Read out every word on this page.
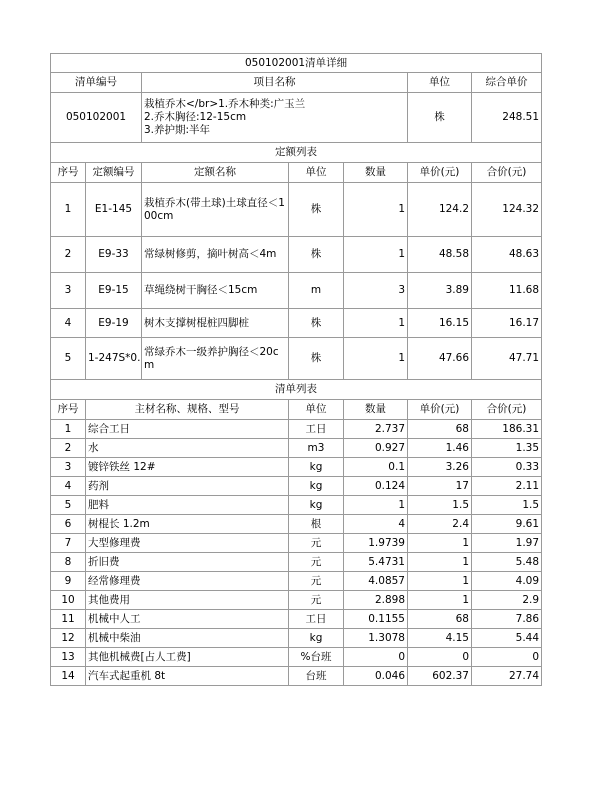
050102001清单详细						
清单编号		项目名称			单位	综合单价
050102001		栽植乔木</br>1.乔木种类:广玉兰
2.乔木胸径:12-15cm
3.养护期:半年			株	248.51
定额列表						
序号	定额编号	定额名称	单位	数量	单价(元)	合价(元)
1	E1-145	栽植乔木(带土球)土球直径＜100cm	株	1	124.2	124.32
2	E9-33	常绿树修剪，摘叶树高＜4m	株	1	48.58	48.63
3	E9-15	草绳绕树干胸径＜15cm	m	3	3.89	11.68
4	E9-19	树木支撑树棍桩四脚桩	株	1	16.15	16.17
5	1-247S*0.	常绿乔木一级养护胸径＜20cm	株	1	47.66	47.71
清单列表						
序号	主材名称、规格、型号		单位	数量	单价(元)	合价(元)
1	综合工日		工日	2.737	68	186.31
2	水		m3	0.927	1.46	1.35
3	镀锌铁丝 12#		kg	0.1	3.26	0.33
4	药剂		kg	0.124	17	2.11
5	肥料		kg	1	1.5	1.5
6	树棍长 1.2m		根	4	2.4	9.61
7	大型修理费		元	1.9739	1	1.97
8	折旧费		元	5.4731	1	5.48
9	经常修理费		元	4.0857	1	4.09
10	其他费用		元	2.898	1	2.9
11	机械中人工		工日	0.1155	68	7.86
12	机械中柴油		kg	1.3078	4.15	5.44
13	其他机械费[占人工费]		%台班	0	0	0
14	汽车式起重机 8t		台班	0.046	602.37	27.74
